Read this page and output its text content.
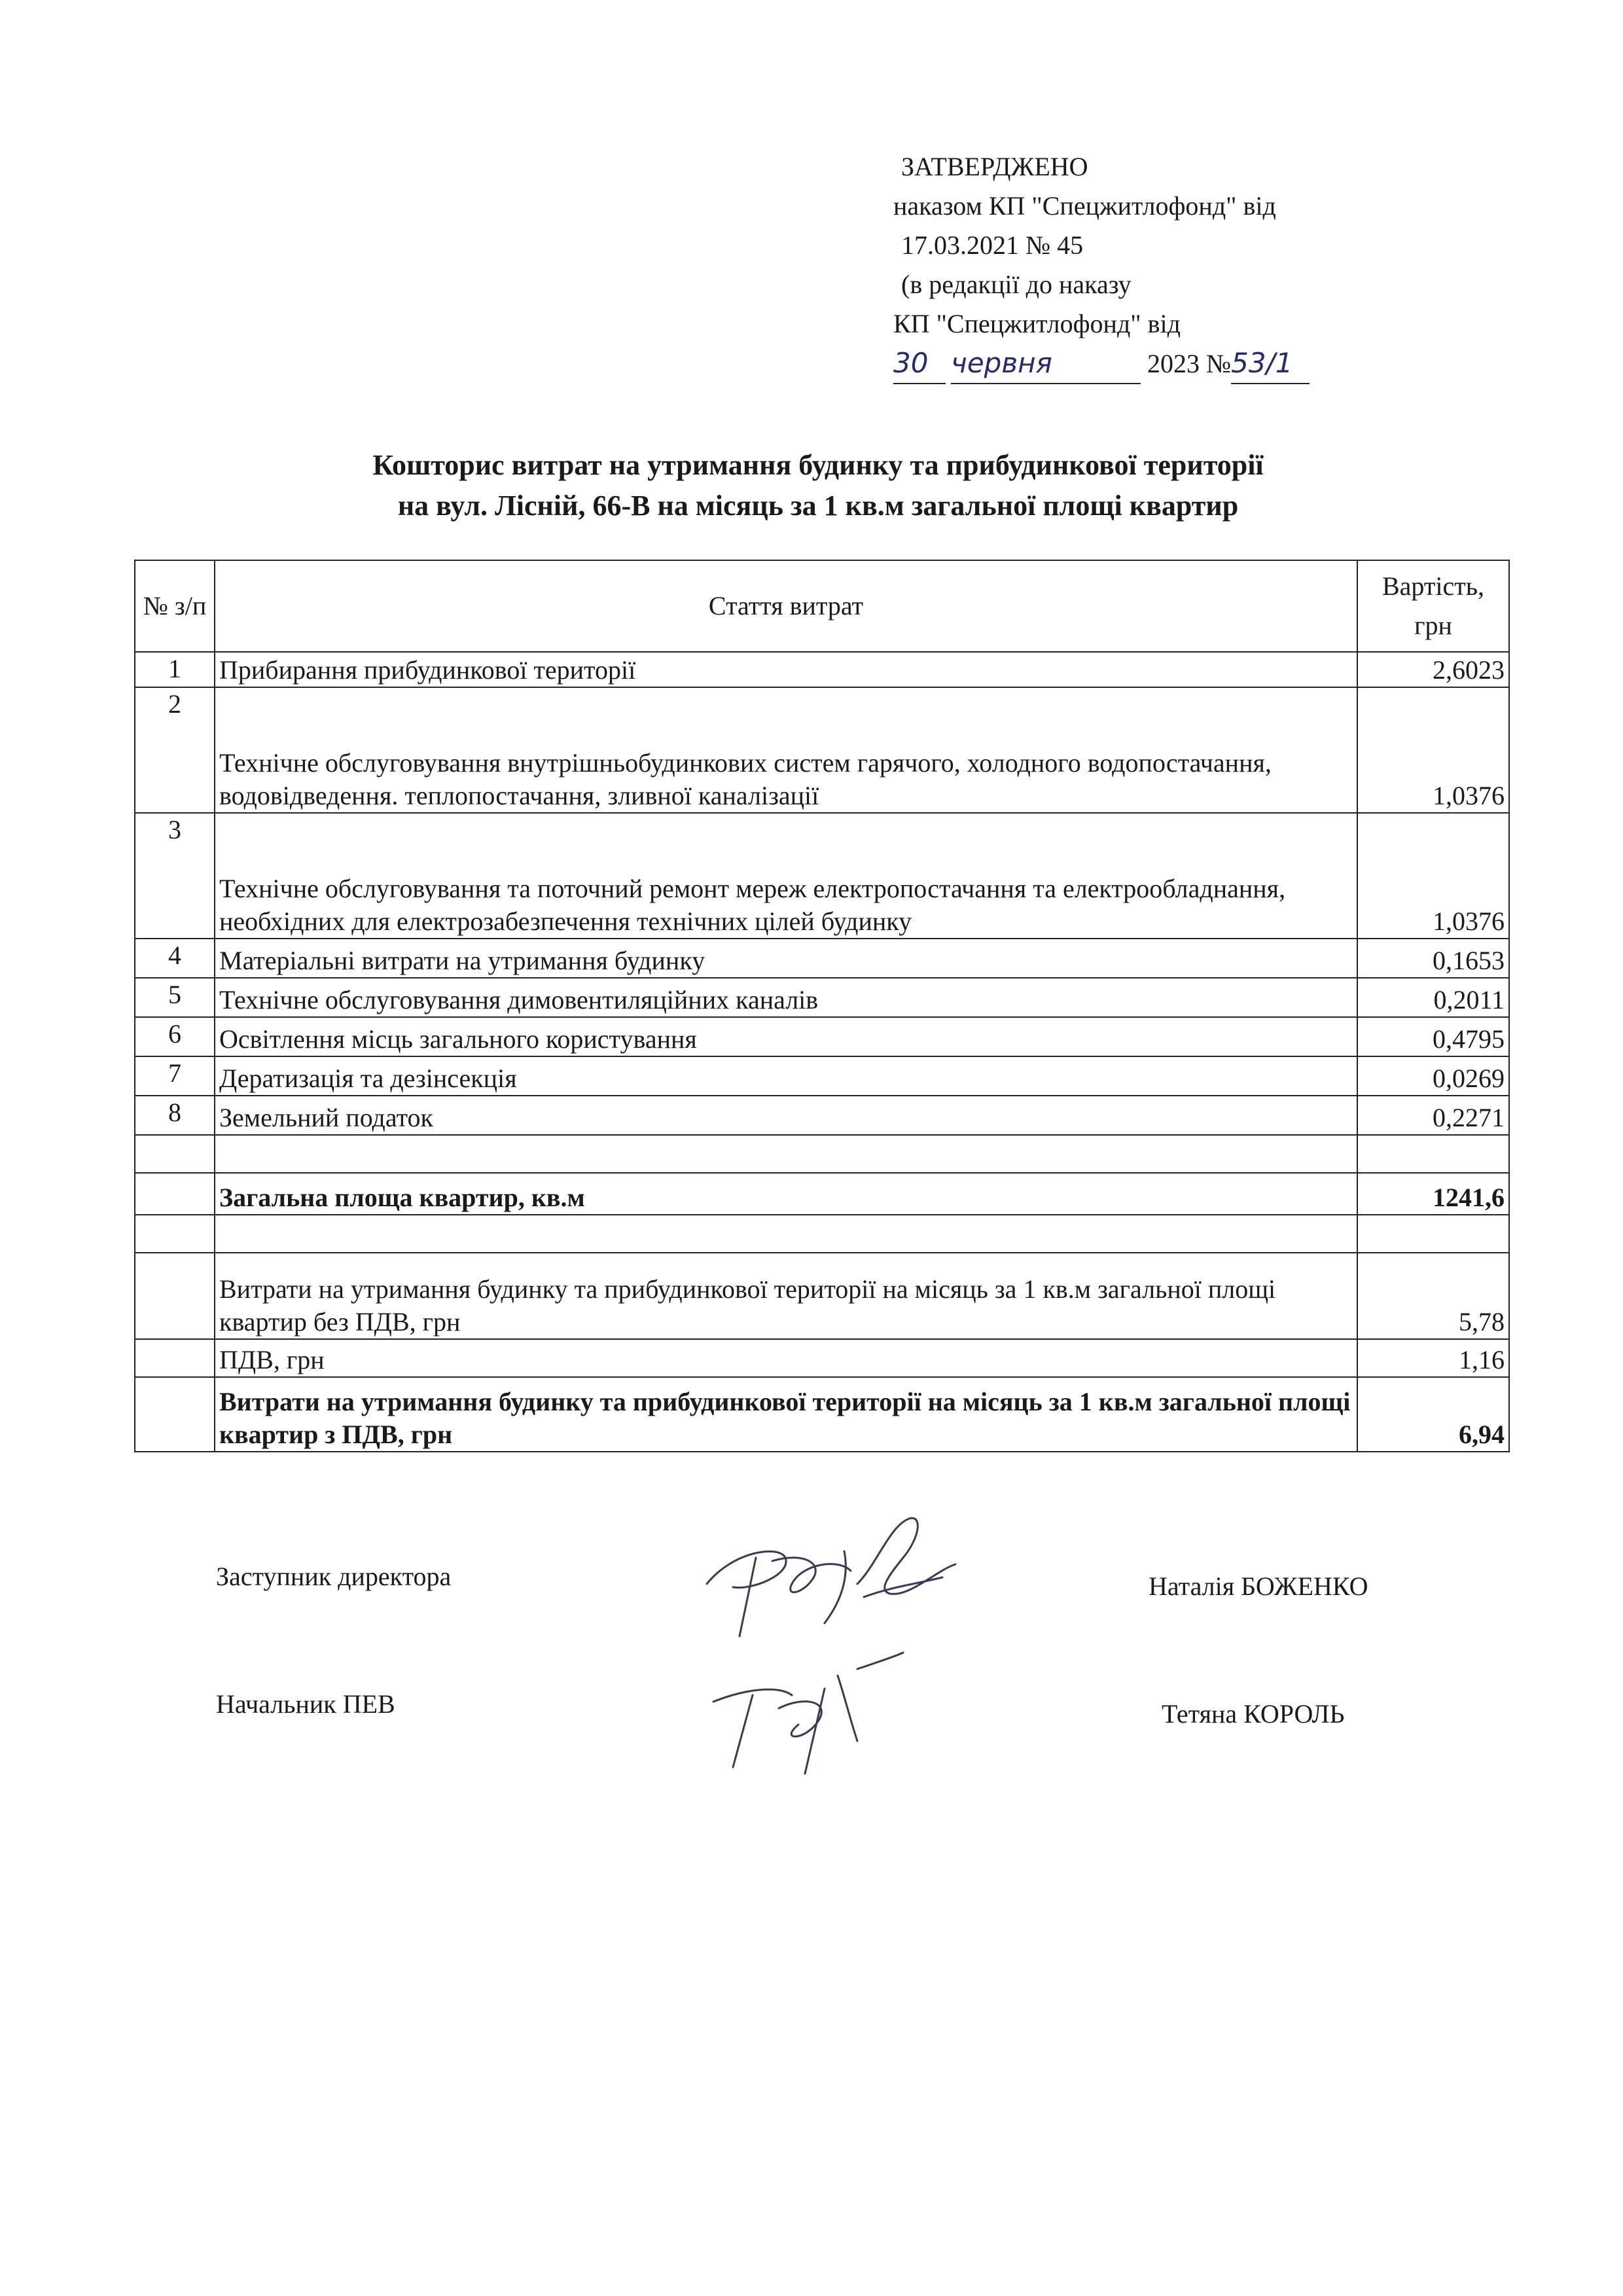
ЗАТВЕРДЖЕНО
наказом КП "Спецжитлофонд" від
17.03.2021 № 45
(в редакції до наказу
КП "Спецжитлофонд" від
30 червня	2023 №53/1
Кошторис витрат на утримання будинку та прибудинкової території
на вул. Лісній, 66-В на місяць за 1 кв.м загальної площі квартир
№ з/п	Стаття витрат	Вартість, грн
1	Прибирання прибудинкової території	2,6023
2	Технічне обслуговування внутрішньобудинкових систем гарячого, холодного водопостачання, водовідведення. теплопостачання, зливної каналізації	1,0376
3	Технічне обслуговування та поточний ремонт мереж електропостачання та електрообладнання, необхідних для електрозабезпечення технічних цілей будинку	1,0376
4	Матеріальні витрати на утримання будинку	0,1653
5	Технічне обслуговування димовентиляційних каналів	0,2011
6	Освітлення місць загального користування	0,4795
7	Дератизація та дезінсекція	0,0269
8	Земельний податок	0,2271

	Загальна площа квартир, кв.м	1241,6

	Витрати на утримання будинку та прибудинкової території на місяць за 1 кв.м загальної площі квартир без ПДВ, грн	5,78
	ПДВ, грн	1,16
	Витрати на утримання будинку та прибудинкової території на місяць за 1 кв.м загальної площі квартир з ПДВ, грн	6,94
Заступник директора	Наталія БОЖЕНКО
Начальник ПЕВ	Тетяна КОРОЛЬ
